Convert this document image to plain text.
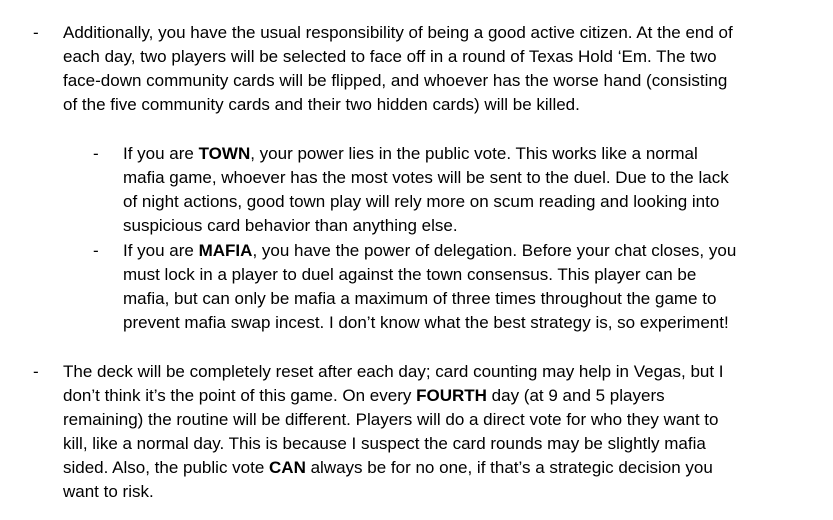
-	Additionally, you have the usual responsibility of being a good active citizen. At the end of
each day, two players will be selected to face off in a round of Texas Hold ‘Em. The two
face-down community cards will be flipped, and whoever has the worse hand (consisting
of the five community cards and their two hidden cards) will be killed.
-	If you are TOWN, your power lies in the public vote. This works like a normal
mafia game, whoever has the most votes will be sent to the duel. Due to the lack
of night actions, good town play will rely more on scum reading and looking into
suspicious card behavior than anything else.
-	If you are MAFIA, you have the power of delegation. Before your chat closes, you
must lock in a player to duel against the town consensus. This player can be
mafia, but can only be mafia a maximum of three times throughout the game to
prevent mafia swap incest. I don’t know what the best strategy is, so experiment!
-	The deck will be completely reset after each day; card counting may help in Vegas, but I
don’t think it’s the point of this game. On every FOURTH day (at 9 and 5 players
remaining) the routine will be different. Players will do a direct vote for who they want to
kill, like a normal day. This is because I suspect the card rounds may be slightly mafia
sided. Also, the public vote CAN always be for no one, if that’s a strategic decision you
want to risk.
